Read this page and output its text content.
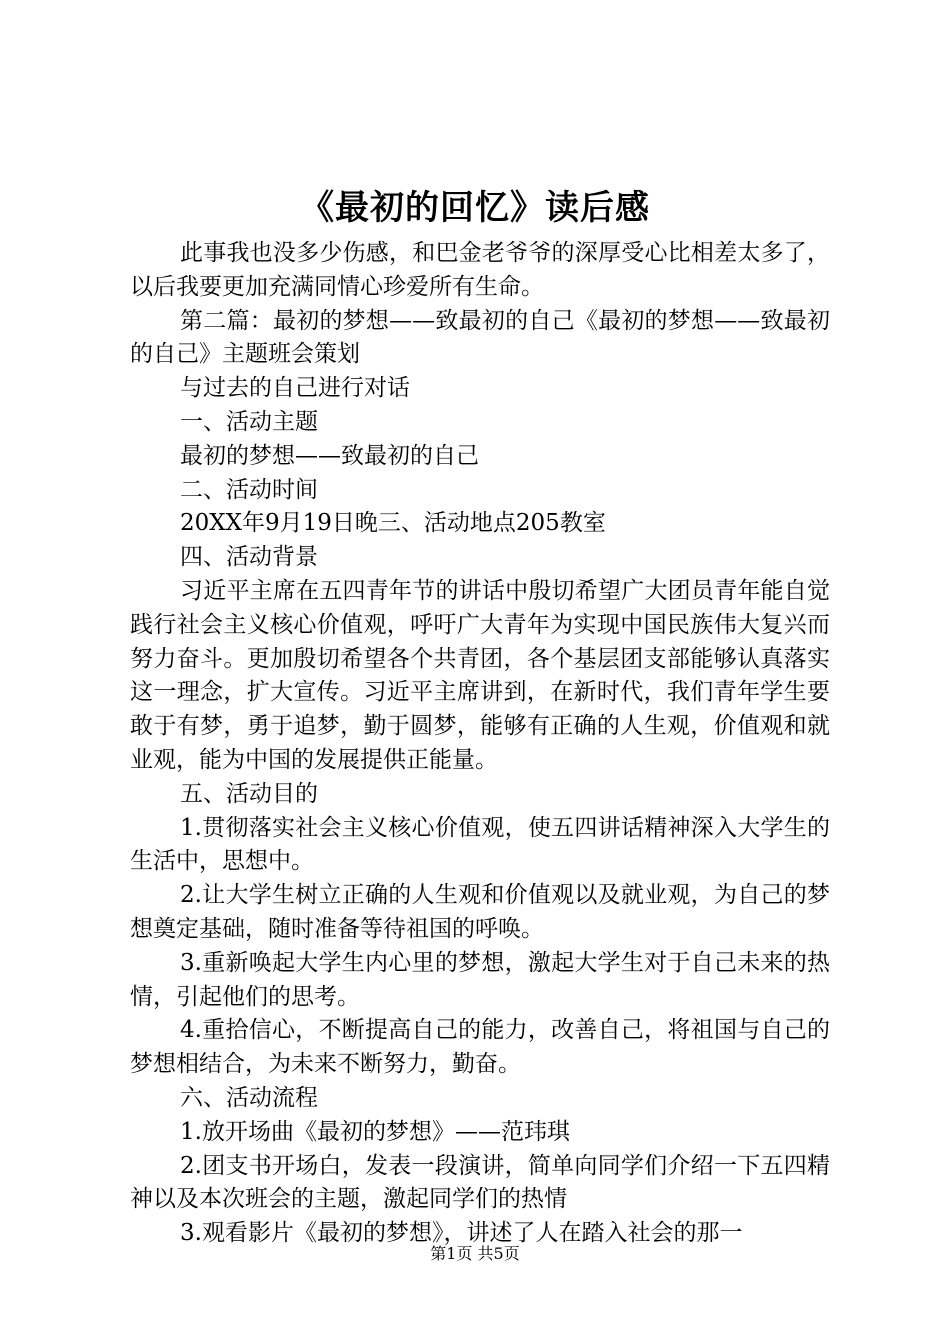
《最初的回忆》读后感

此事我也没多少伤感，和巴金老爷爷的深厚受心比相差太多了，以后我要更加充满同情心珍爱所有生命。

第二篇：最初的梦想——致最初的自己《最初的梦想——致最初的自己》主题班会策划

与过去的自己进行对话

一、活动主题

最初的梦想——致最初的自己

二、活动时间

20XX年9月19日晚三、活动地点205教室

四、活动背景

习近平主席在五四青年节的讲话中殷切希望广大团员青年能自觉践行社会主义核心价值观，呼吁广大青年为实现中国民族伟大复兴而努力奋斗。更加殷切希望各个共青团，各个基层团支部能够认真落实这一理念，扩大宣传。习近平主席讲到，在新时代，我们青年学生要敢于有梦，勇于追梦，勤于圆梦，能够有正确的人生观，价值观和就业观，能为中国的发展提供正能量。

五、活动目的

1.贯彻落实社会主义核心价值观，使五四讲话精神深入大学生的生活中，思想中。

2.让大学生树立正确的人生观和价值观以及就业观，为自己的梦想奠定基础，随时准备等待祖国的呼唤。

3.重新唤起大学生内心里的梦想，激起大学生对于自己未来的热情，引起他们的思考。

4.重拾信心，不断提高自己的能力，改善自己，将祖国与自己的梦想相结合，为未来不断努力，勤奋。

六、活动流程

1.放开场曲《最初的梦想》——范玮琪

2.团支书开场白，发表一段演讲，简单向同学们介绍一下五四精神以及本次班会的主题，激起同学们的热情

3.观看影片《最初的梦想》，讲述了人在踏入社会的那一

第1页 共5页
